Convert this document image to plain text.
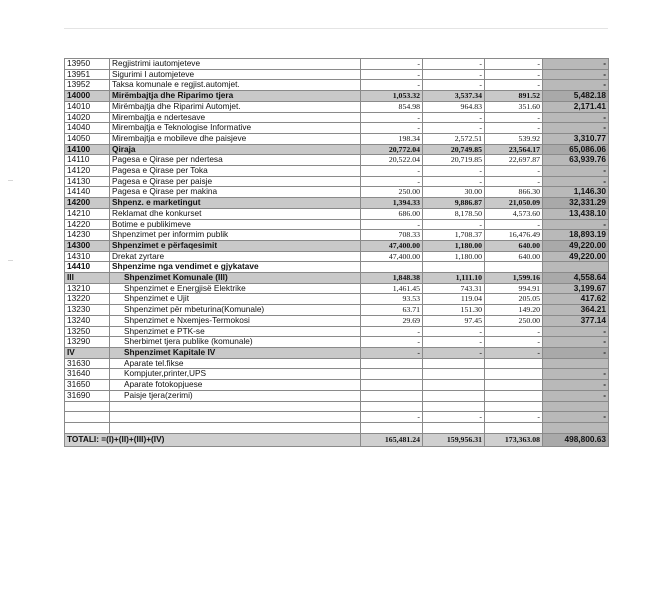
13950	Regjistrimi iautomjeteve	-	-	-	-
13951	Sigurimi I automjeteve	-	-	-	-
13952	Taksa komunale e regjist.automjet.	-	-	-	-
14000	Mirëmbajtja dhe Riparimo tjera	1,053.32	3,537.34	891.52	5,482.18
14010	Mirëmbajtja dhe Riparimi Automjet.	854.98	964.83	351.60	2,171.41
14020	Mirembajtja e ndertesave	-	-	-	-
14040	Mirembajtja e Teknologise Informative	-	-	-	-
14050	Mirembajtja e mobileve dhe paisjeve	198.34	2,572.51	539.92	3,310.77
14100	Qiraja	20,772.04	20,749.85	23,564.17	65,086.06
14110	Pagesa e Qirase per ndertesa	20,522.04	20,719.85	22,697.87	63,939.76
14120	Pagesa e Qirase per Toka	-	-	-	-
14130	Pagesa e Qirase per paisje	-	-	-	-
14140	Pagesa e Qirase per makina	250.00	30.00	866.30	1,146.30
14200	Shpenz. e marketingut	1,394.33	9,886.87	21,050.09	32,331.29
14210	Reklamat dhe konkurset	686.00	8,178.50	4,573.60	13,438.10
14220	Botime e publikimeve	-	-	-	-
14230	Shpenzimet per informim publik	708.33	1,708.37	16,476.49	18,893.19
14300	Shpenzimet e përfaqesimit	47,400.00	1,180.00	640.00	49,220.00
14310	Drekat zyrtare	47,400.00	1,180.00	640.00	49,220.00
14410	Shpenzime nga vendimet e gjykatave				
III	Shpenzimet Komunale (III)	1,848.38	1,111.10	1,599.16	4,558.64
13210	Shpenzimet e Energjisë Elektrike	1,461.45	743.31	994.91	3,199.67
13220	Shpenzimet e Ujit	93.53	119.04	205.05	417.62
13230	Shpenzimet për mbeturina(Komunale)	63.71	151.30	149.20	364.21
13240	Shpenzimet e Nxemjes-Termokosi	29.69	97.45	250.00	377.14
13250	Shpenzimet e PTK-se	-	-	-	-
13290	Sherbimet tjera publike (komunale)	-	-	-	-
IV	Shpenzimet Kapitale IV	-	-	-	-
31630	Aparate tel.fikse				
31640	Kompjuter,printer,UPS				-
31650	Aparate fotokopjuese				-
31690	Paisje tjera(zerimi)				-

		-	-	-	-

TOTALI: =(I)+(II)+(III)+(IV)		165,481.24	159,956.31	173,363.08	498,800.63
